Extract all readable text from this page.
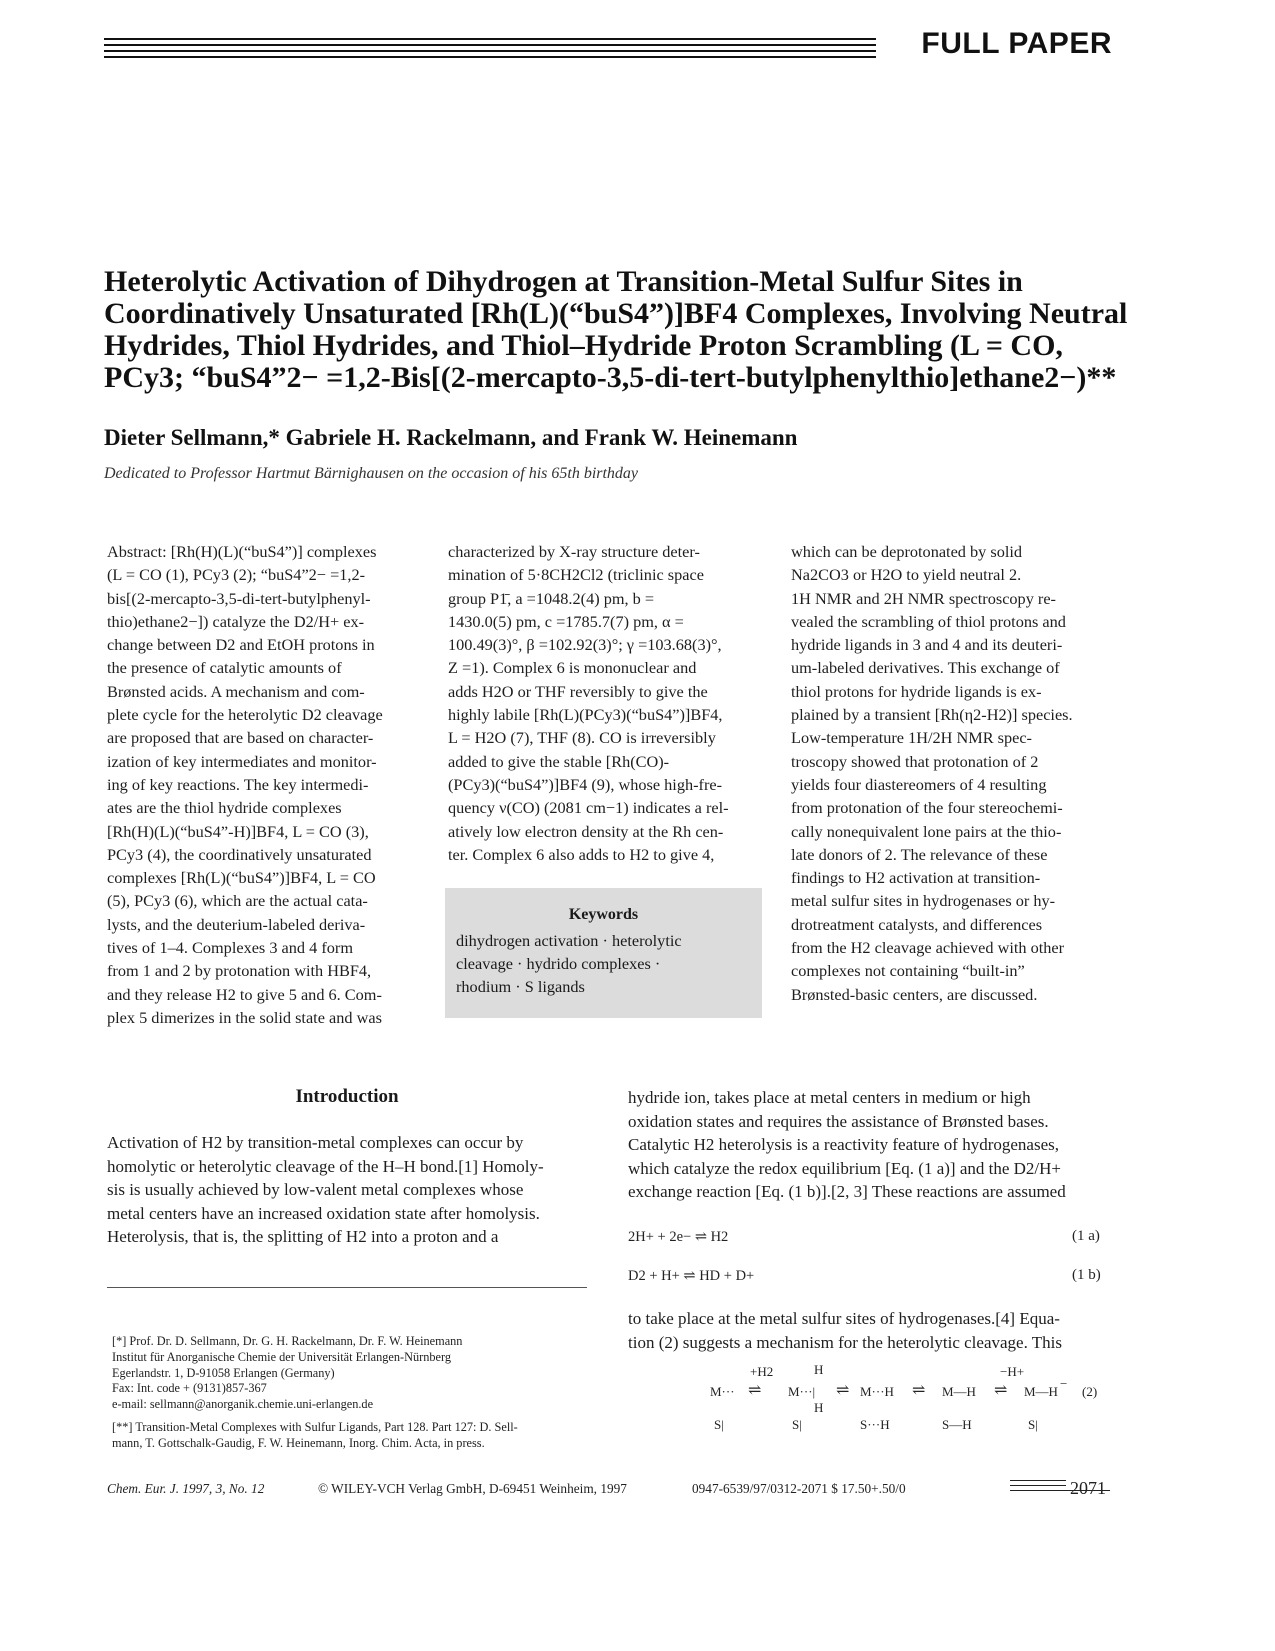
FULL PAPER
Heterolytic Activation of Dihydrogen at Transition-Metal Sulfur Sites in
Coordinatively Unsaturated [Rh(L)(“buS4”)]BF4 Complexes, Involving Neutral
Hydrides, Thiol Hydrides, and Thiol–Hydride Proton Scrambling (L = CO,
PCy3; “buS4”2− =1,2-Bis[(2-mercapto-3,5-di-tert-butylphenylthio]ethane2−)**
Dieter Sellmann,* Gabriele H. Rackelmann, and Frank W. Heinemann
Dedicated to Professor Hartmut Bärnighausen on the occasion of his 65th birthday
Abstract: [Rh(H)(L)(“buS4”)] complexes
(L = CO (1), PCy3 (2); “buS4”2− =1,2-
bis[(2-mercapto-3,5-di-tert-butylphenyl-
thio)ethane2−]) catalyze the D2/H+ ex-
change between D2 and EtOH protons in
the presence of catalytic amounts of
Brønsted acids. A mechanism and com-
plete cycle for the heterolytic D2 cleavage
are proposed that are based on character-
ization of key intermediates and monitor-
ing of key reactions. The key intermedi-
ates are the thiol hydride complexes
[Rh(H)(L)(“buS4”-H)]BF4, L = CO (3),
PCy3 (4), the coordinatively unsaturated
complexes [Rh(L)(“buS4”)]BF4, L = CO
(5), PCy3 (6), which are the actual cata-
lysts, and the deuterium-labeled deriva-
tives of 1–4. Complexes 3 and 4 form
from 1 and 2 by protonation with HBF4,
and they release H2 to give 5 and 6. Com-
plex 5 dimerizes in the solid state and was
characterized by X-ray structure deter-
mination of 5·8CH2Cl2 (triclinic space
group P1̄, a =1048.2(4) pm, b =
1430.0(5) pm, c =1785.7(7) pm, α =
100.49(3)°, β =102.92(3)°; γ =103.68(3)°,
Z =1). Complex 6 is mononuclear and
adds H2O or THF reversibly to give the
highly labile [Rh(L)(PCy3)(“buS4”)]BF4,
L = H2O (7), THF (8). CO is irreversibly
added to give the stable [Rh(CO)-
(PCy3)(“buS4”)]BF4 (9), whose high-fre-
quency ν(CO) (2081 cm−1) indicates a rel-
atively low electron density at the Rh cen-
ter. Complex 6 also adds to H2 to give 4,
which can be deprotonated by solid
Na2CO3 or H2O to yield neutral 2.
1H NMR and 2H NMR spectroscopy re-
vealed the scrambling of thiol protons and
hydride ligands in 3 and 4 and its deuteri-
um-labeled derivatives. This exchange of
thiol protons for hydride ligands is ex-
plained by a transient [Rh(η2-H2)] species.
Low-temperature 1H/2H NMR spec-
troscopy showed that protonation of 2
yields four diastereomers of 4 resulting
from protonation of the four stereochemi-
cally nonequivalent lone pairs at the thio-
late donors of 2. The relevance of these
findings to H2 activation at transition-
metal sulfur sites in hydrogenases or hy-
drotreatment catalysts, and differences
from the H2 cleavage achieved with other
complexes not containing “built-in”
Brønsted-basic centers, are discussed.
Keywords
dihydrogen activation · heterolytic
cleavage · hydrido complexes ·
rhodium · S ligands
Introduction
Activation of H2 by transition-metal complexes can occur by
homolytic or heterolytic cleavage of the H–H bond.[1] Homoly-
sis is usually achieved by low-valent metal complexes whose
metal centers have an increased oxidation state after homolysis.
Heterolysis, that is, the splitting of H2 into a proton and a
hydride ion, takes place at metal centers in medium or high
oxidation states and requires the assistance of Brønsted bases.
Catalytic H2 heterolysis is a reactivity feature of hydrogenases,
which catalyze the redox equilibrium [Eq. (1 a)] and the D2/H+
exchange reaction [Eq. (1 b)].[2, 3] These reactions are assumed
2H+ + 2e− ⇌ H2	(1 a)
D2 + H+ ⇌ HD + D+	(1 b)
to take place at the metal sulfur sites of hydrogenases.[4] Equa-
tion (2) suggests a mechanism for the heterolytic cleavage. This
[*] Prof. Dr. D. Sellmann, Dr. G. H. Rackelmann, Dr. F. W. Heinemann
Institut für Anorganische Chemie der Universität Erlangen-Nürnberg
Egerlandstr. 1, D-91058 Erlangen (Germany)
Fax: Int. code + (9131)857-367
e-mail: sellmann@anorganik.chemie.uni-erlangen.de
[**] Transition-Metal Complexes with Sulfur Ligands, Part 128. Part 127: D. Sell-
mann, T. Gottschalk-Gaudig, F. W. Heinemann, Inorg. Chim. Acta, in press.
M···
S|
+H2
⇌
H
M···|
H
S|
⇌ M···H
S···H
⇌ M—H
S—H
−H+
⇌ M—H
−
S|
(2)
Chem. Eur. J. 1997, 3, No. 12	© WILEY-VCH Verlag GmbH, D-69451 Weinheim, 1997	0947-6539/97/0312-2071 $ 17.50+.50/0	2071
